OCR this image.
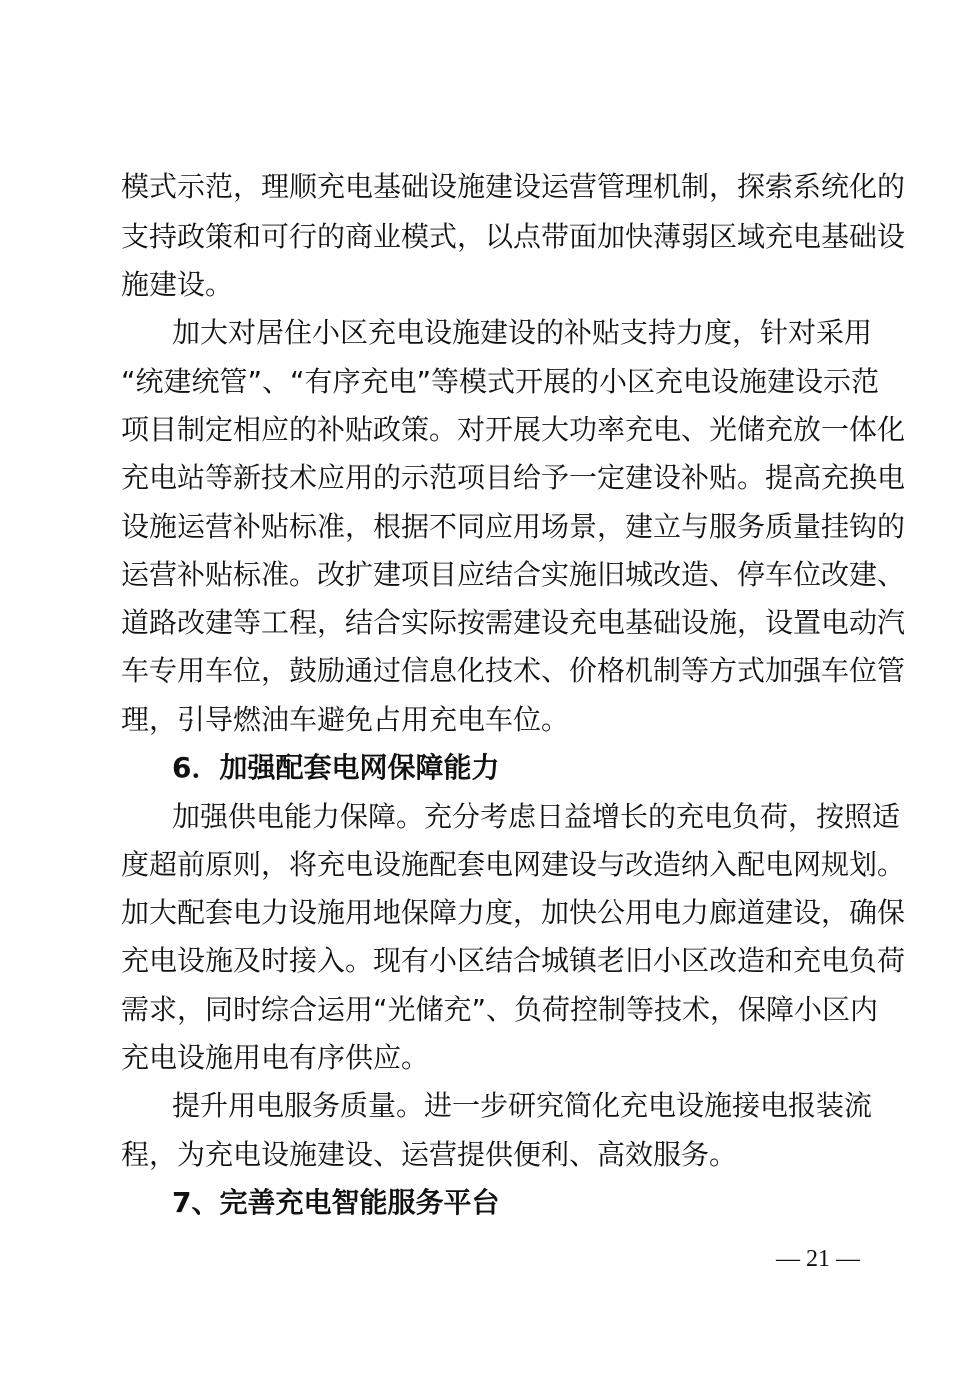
模式示范，理顺充电基础设施建设运营管理机制，探索系统化的
支持政策和可行的商业模式，以点带面加快薄弱区域充电基础设
施建设。
加大对居住小区充电设施建设的补贴支持力度，针对采用
“统建统管”、“有序充电”等模式开展的小区充电设施建设示范
项目制定相应的补贴政策。对开展大功率充电、光储充放一体化
充电站等新技术应用的示范项目给予一定建设补贴。提高充换电
设施运营补贴标准，根据不同应用场景，建立与服务质量挂钩的
运营补贴标准。改扩建项目应结合实施旧城改造、停车位改建、
道路改建等工程，结合实际按需建设充电基础设施，设置电动汽
车专用车位，鼓励通过信息化技术、价格机制等方式加强车位管
理，引导燃油车避免占用充电车位。
6．加强配套电网保障能力
加强供电能力保障。充分考虑日益增长的充电负荷，按照适
度超前原则，将充电设施配套电网建设与改造纳入配电网规划。
加大配套电力设施用地保障力度，加快公用电力廊道建设，确保
充电设施及时接入。现有小区结合城镇老旧小区改造和充电负荷
需求，同时综合运用“光储充”、负荷控制等技术，保障小区内
充电设施用电有序供应。
提升用电服务质量。进一步研究简化充电设施接电报装流
程，为充电设施建设、运营提供便利、高效服务。
7、完善充电智能服务平台
— 21 —
